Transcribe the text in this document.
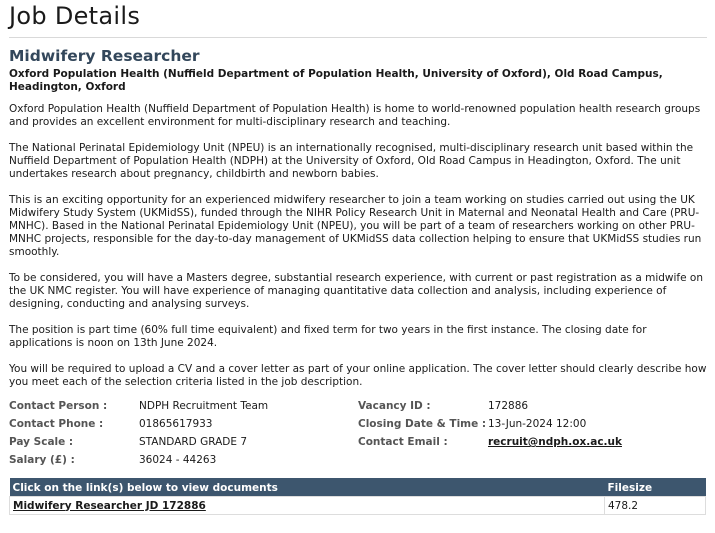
Job Details
Midwifery Researcher
Oxford Population Health (Nuffield Department of Population Health, University of Oxford), Old Road Campus, Headington, Oxford

Oxford Population Health (Nuffield Department of Population Health) is home to world-renowned population health research groups and provides an excellent environment for multi-disciplinary research and teaching.

The National Perinatal Epidemiology Unit (NPEU) is an internationally recognised, multi-disciplinary research unit based within the Nuffield Department of Population Health (NDPH) at the University of Oxford, Old Road Campus in Headington, Oxford. The unit undertakes research about pregnancy, childbirth and newborn babies.

This is an exciting opportunity for an experienced midwifery researcher to join a team working on studies carried out using the UK Midwifery Study System (UKMidSS), funded through the NIHR Policy Research Unit in Maternal and Neonatal Health and Care (PRU-MNHC). Based in the National Perinatal Epidemiology Unit (NPEU), you will be part of a team of researchers working on other PRU-MNHC projects, responsible for the day-to-day management of UKMidSS data collection helping to ensure that UKMidSS studies run smoothly.

To be considered, you will have a Masters degree, substantial research experience, with current or past registration as a midwife on the UK NMC register. You will have experience of managing quantitative data collection and analysis, including experience of designing, conducting and analysing surveys.

The position is part time (60% full time equivalent) and fixed term for two years in the first instance. The closing date for applications is noon on 13th June 2024.

You will be required to upload a CV and a cover letter as part of your online application. The cover letter should clearly describe how you meet each of the selection criteria listed in the job description.

Contact Person :	NDPH Recruitment Team	Vacancy ID :	172886
Contact Phone :	01865617933	Closing Date & Time : 13-Jun-2024 12:00
Pay Scale :	STANDARD GRADE 7	Contact Email :	recruit@ndph.ox.ac.uk
Salary (£) :	36024 - 44263
Click on the link(s) below to view documents	Filesize
Midwifery Researcher JD 172886	478.2
